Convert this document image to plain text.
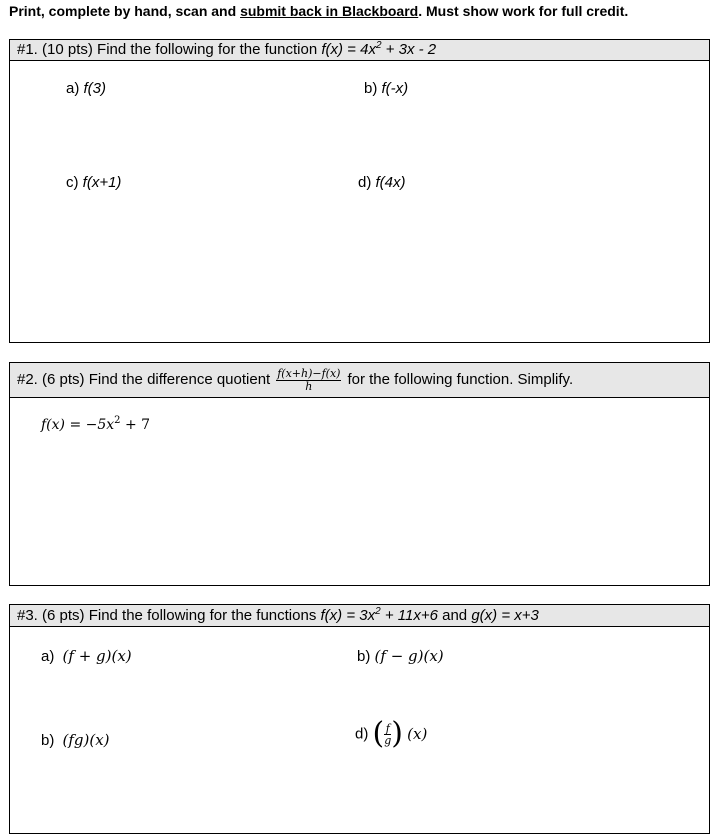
Print, complete by hand, scan and submit back in Blackboard. Must show work for full credit.
#1. (10 pts) Find the following for the function $f(x) = 4x^2 + 3x - 2$
a) f(3)	b) f(-x)
c) f(x+1)	d) f(4x)
#2. (6 pts) Find the difference quotient $\frac{f(x+h)-f(x)}{h}$ for the following function. Simplify.
$f(x) = -5x^2 + 7$
#3. (6 pts) Find the following for the functions $f(x) = 3x^2 + 11x+6$ and g(x) = x+3
a) (f + g)(x)	b) (f − g)(x)
b) (fg)(x)	d) ( $\frac{f}{g}$ ) (x)
